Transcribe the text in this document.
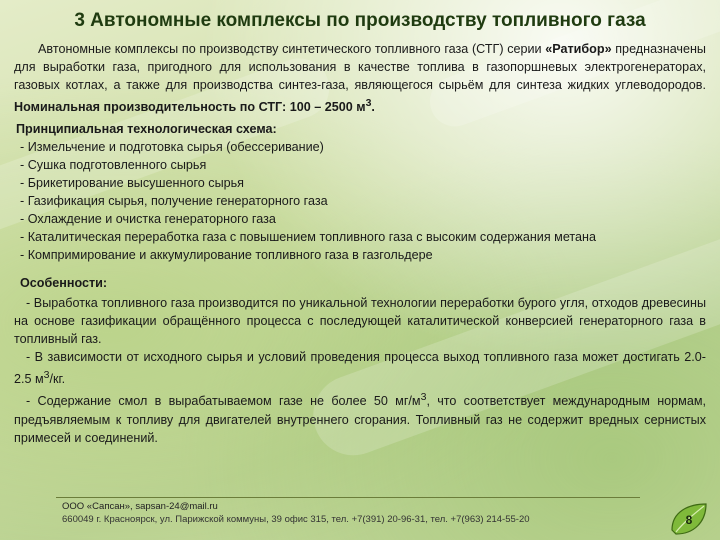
3 Автономные комплексы по производству топливного газа

Автономные комплексы по производству синтетического топливного газа (СТГ) серии «Ратибор» предназначены для выработки газа, пригодного для использования в качестве топлива в газопоршневых электрогенераторах, газовых котлах, а также для производства синтез-газа, являющегося сырьём для синтеза жидких углеводородов. Номинальная производительность по СТГ: 100 – 2500 $м^3$.

Принципиальная технологическая схема:
- Измельчение и подготовка сырья (обессеривание)
- Сушка подготовленного сырья
- Брикетирование высушенного сырья
- Газификация сырья, получение генераторного газа
- Охлаждение и очистка генераторного газа
- Каталитическая переработка газа с повышением топливного газа с высоким содержания метана
- Компримирование и аккумулирование топливного газа в газгольдере
Особенности:

- Выработка топливного газа производится по уникальной технологии переработки бурого угля, отходов древесины на основе газификации обращённого процесса с последующей каталитической конверсией генераторного газа в топливный газ.

- В зависимости от исходного сырья и условий проведения процесса выход топливного газа может достигать 2.0-2.5 $м^3/кг$.

- Содержание смол в вырабатываемом газе не более 50 $мг/м^3$, что соответствует международным нормам, предъявляемым к топливу для двигателей внутреннего сгорания. Топливный газ не содержит вредных сернистых примесей и соединений.

ООО «Сапсан», sapsan-24@mail.ru
660049 г. Красноярск, ул. Парижской коммуны, 39 офис 315, тел. +7(391) 20-96-31, тел. +7(963) 214-55-20	8
